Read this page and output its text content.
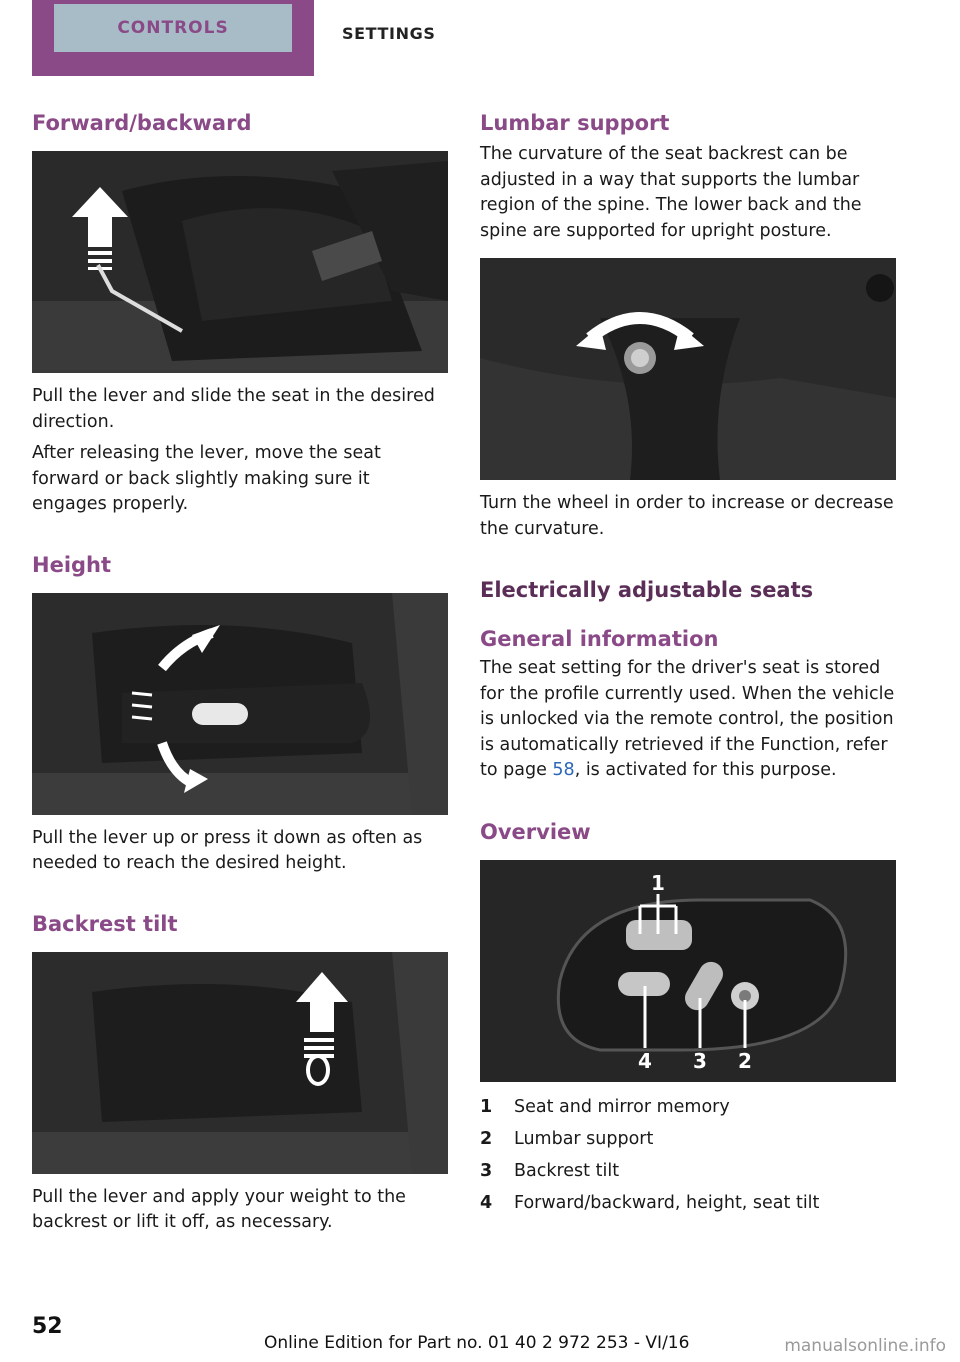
CONTROLS	SETTINGS
Forward/backward

Pull the lever and slide the seat in the desired direction.

After releasing the lever, move the seat forward or back slightly making sure it engages properly.

Height

Pull the lever up or press it down as often as needed to reach the desired height.

Backrest tilt

Pull the lever and apply your weight to the backrest or lift it off, as necessary.

Lumbar support

The curvature of the seat backrest can be adjusted in a way that supports the lumbar region of the spine. The lower back and the spine are supported for upright posture.

Turn the wheel in order to increase or decrease the curvature.

Electrically adjustable seats
General information

The seat setting for the driver's seat is stored for the profile currently used. When the vehicle is unlocked via the remote control, the position is automatically retrieved if the Function, refer to page 58, is activated for this purpose.

Overview
1
2
3
4
1	Seat and mirror memory
2	Lumbar support
3	Backrest tilt
4	Forward/backward, height, seat tilt
52
Online Edition for Part no. 01 40 2 972 253 - VI/16	manualsonline.info
